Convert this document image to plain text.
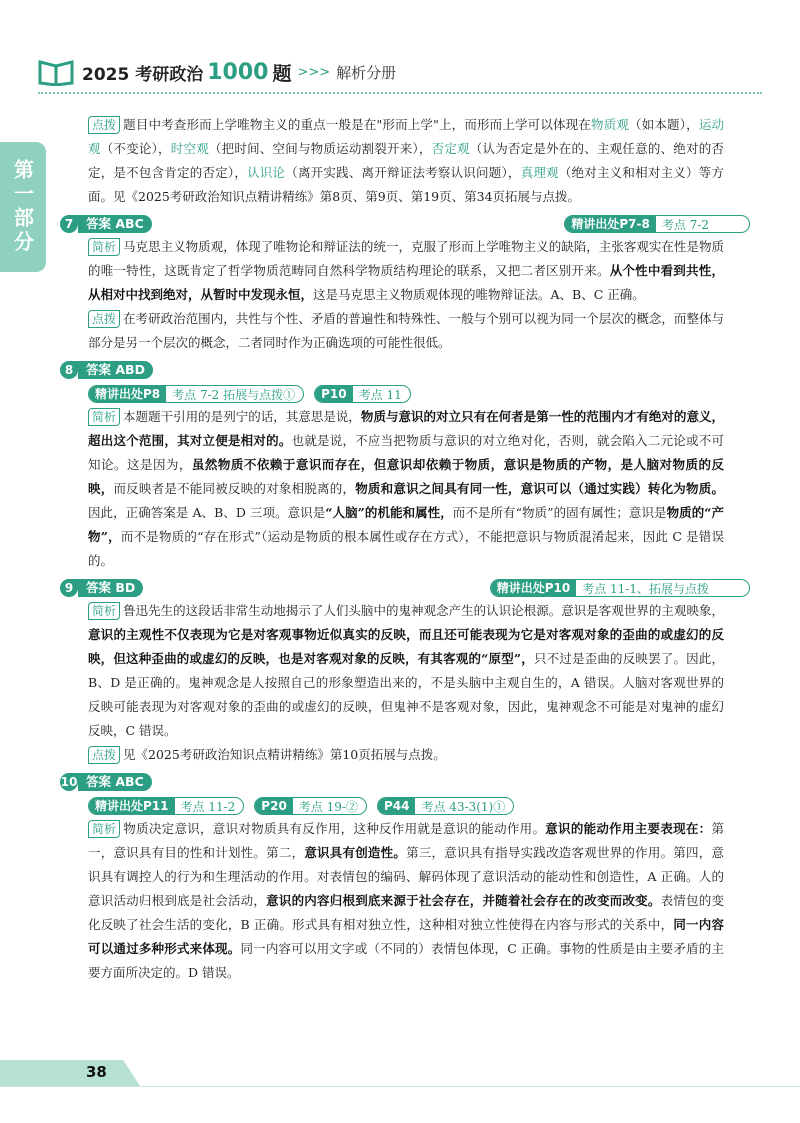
2025 考研政治 1000 题 >>> 解析分册
第一部分

点拨 题目中考查形而上学唯物主义的重点一般是在"形而上学"上，而形而上学可以体现在物质观（如本题），运动观（不变论），时空观（把时间、空间与物质运动割裂开来），否定观（认为否定是外在的、主观任意的、绝对的否定，是不包含肯定的否定），认识论（离开实践、离开辩证法考察认识问题），真理观（绝对主义和相对主义）等方面。见《2025考研政治知识点精讲精练》第8页、第9页、第19页、第34页拓展与点拨。

7	答案 ABC	精讲出处P7-8	考点 7-2

简析 马克思主义物质观，体现了唯物论和辩证法的统一，克服了形而上学唯物主义的缺陷，主张客观实在性是物质的唯一特性，这既肯定了哲学物质范畴同自然科学物质结构理论的联系，又把二者区别开来。从个性中看到共性，从相对中找到绝对，从暂时中发现永恒，这是马克思主义物质观体现的唯物辩证法。A、B、C 正确。

点拨 在考研政治范围内，共性与个性、矛盾的普遍性和特殊性、一般与个别可以视为同一个层次的概念，而整体与部分是另一个层次的概念，二者同时作为正确选项的可能性很低。

8	答案 ABD
精讲出处P8	考点 7-2 拓展与点拨①	P10	考点 11

简析 本题题干引用的是列宁的话，其意思是说，物质与意识的对立只有在何者是第一性的范围内才有绝对的意义，超出这个范围，其对立便是相对的。也就是说，不应当把物质与意识的对立绝对化，否则，就会陷入二元论或不可知论。这是因为，虽然物质不依赖于意识而存在，但意识却依赖于物质，意识是物质的产物，是人脑对物质的反映，而反映者是不能同被反映的对象相脱离的，物质和意识之间具有同一性，意识可以（通过实践）转化为物质。因此，正确答案是 A、B、D 三项。意识是“人脑”的机能和属性，而不是所有“物质”的固有属性；意识是物质的“产物”，而不是物质的“存在形式”（运动是物质的根本属性或存在方式），不能把意识与物质混淆起来，因此 C 是错误的。

9	答案 BD	精讲出处P10	考点 11-1、拓展与点拨

简析 鲁迅先生的这段话非常生动地揭示了人们头脑中的鬼神观念产生的认识论根源。意识是客观世界的主观映象，意识的主观性不仅表现为它是对客观事物近似真实的反映，而且还可能表现为它是对客观对象的歪曲的或虚幻的反映，但这种歪曲的或虚幻的反映，也是对客观对象的反映，有其客观的“原型”，只不过是歪曲的反映罢了。因此，B、D 是正确的。鬼神观念是人按照自己的形象塑造出来的，不是头脑中主观自生的，A 错误。人脑对客观世界的反映可能表现为对客观对象的歪曲的或虚幻的反映，但鬼神不是客观对象，因此，鬼神观念不可能是对鬼神的虚幻反映，C 错误。

点拨 见《2025考研政治知识点精讲精练》第10页拓展与点拨。

10 答案 ABC
精讲出处P11	考点 11-2	P20	考点 19-②	P44	考点 43-3(1)①

简析 物质决定意识，意识对物质具有反作用，这种反作用就是意识的能动作用。意识的能动作用主要表现在：第一，意识具有目的性和计划性。第二，意识具有创造性。第三，意识具有指导实践改造客观世界的作用。第四，意识具有调控人的行为和生理活动的作用。对表情包的编码、解码体现了意识活动的能动性和创造性，A 正确。人的意识活动归根到底是社会活动，意识的内容归根到底来源于社会存在，并随着社会存在的改变而改变。表情包的变化反映了社会生活的变化，B 正确。形式具有相对独立性，这种相对独立性使得在内容与形式的关系中，同一内容可以通过多种形式来体现。同一内容可以用文字或（不同的）表情包体现，C 正确。事物的性质是由主要矛盾的主要方面所决定的。D 错误。

38
